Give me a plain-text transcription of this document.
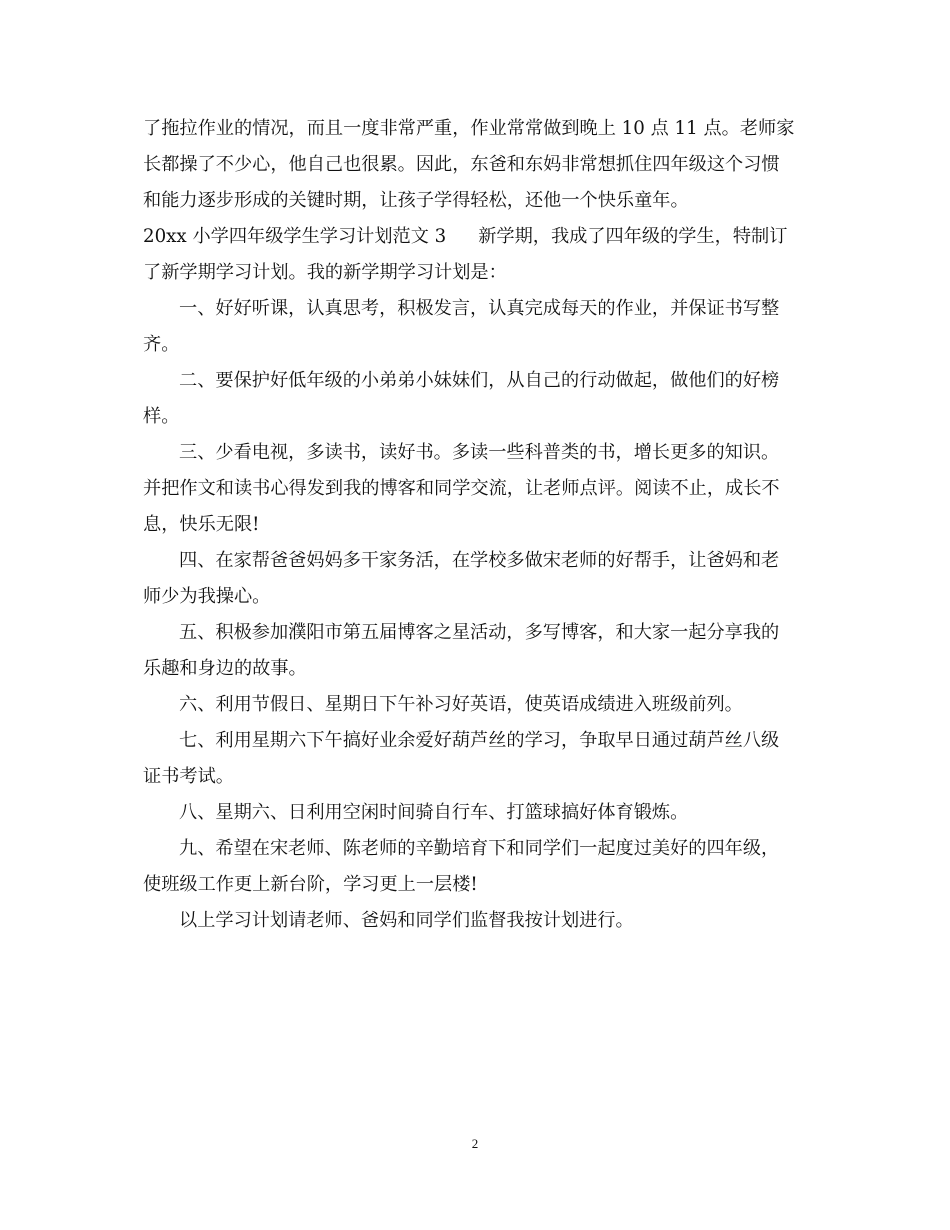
了拖拉作业的情况，而且一度非常严重，作业常常做到晚上 10 点 11 点。老师家
长都操了不少心，他自己也很累。因此，东爸和东妈非常想抓住四年级这个习惯
和能力逐步形成的关键时期，让孩子学得轻松，还他一个快乐童年。
20xx 小学四年级学生学习计划范文 3 新学期，我成了四年级的学生，特制订
了新学期学习计划。我的新学期学习计划是：
一、好好听课，认真思考，积极发言，认真完成每天的作业，并保证书写整
齐。
二、要保护好低年级的小弟弟小妹妹们，从自己的行动做起，做他们的好榜
样。
三、少看电视，多读书，读好书。多读一些科普类的书，增长更多的知识。
并把作文和读书心得发到我的博客和同学交流，让老师点评。阅读不止，成长不
息，快乐无限!
四、在家帮爸爸妈妈多干家务活，在学校多做宋老师的好帮手，让爸妈和老
师少为我操心。
五、积极参加濮阳市第五届博客之星活动，多写博客，和大家一起分享我的
乐趣和身边的故事。
六、利用节假日、星期日下午补习好英语，使英语成绩进入班级前列。
七、利用星期六下午搞好业余爱好葫芦丝的学习，争取早日通过葫芦丝八级
证书考试。
八、星期六、日利用空闲时间骑自行车、打篮球搞好体育锻炼。
九、希望在宋老师、陈老师的辛勤培育下和同学们一起度过美好的四年级，
使班级工作更上新台阶，学习更上一层楼!
以上学习计划请老师、爸妈和同学们监督我按计划进行。
2
